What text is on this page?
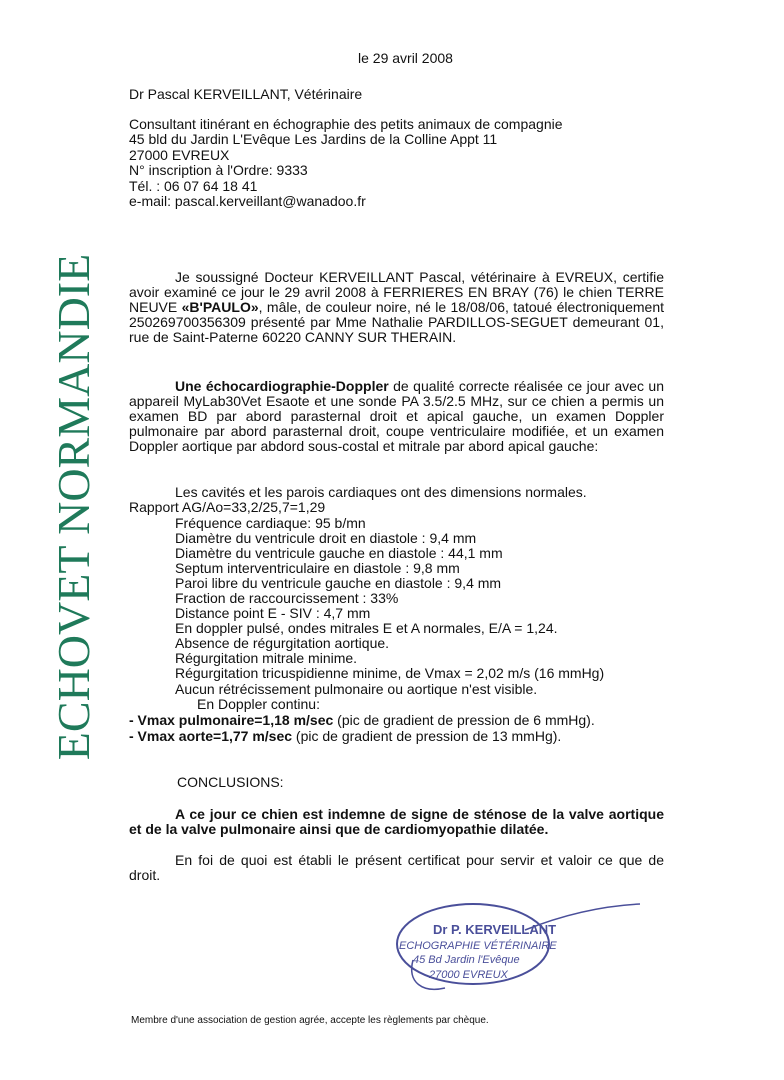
le 29 avril 2008
Dr Pascal KERVEILLANT, Vétérinaire
Consultant itinérant en échographie des petits animaux de compagnie
45 bld du Jardin L'Evêque Les Jardins de la Colline Appt 11
27000 EVREUX
N° inscription à l'Ordre: 9333
Tél. : 06 07 64 18 41
e-mail: pascal.kerveillant@wanadoo.fr
ECHOVET NORMANDIE	Je soussigné Docteur KERVEILLANT Pascal, vétérinaire à EVREUX, certifie avoir examiné ce jour le 29 avril 2008 à FERRIERES EN BRAY (76) le chien TERRE NEUVE «B'PAULO», mâle, de couleur noire, né le 18/08/06, tatoué électroniquement 250269700356309 présenté par Mme Nathalie PARDILLOS-SEGUET demeurant 01, rue de Saint-Paterne 60220 CANNY SUR THERAIN.
Une échocardiographie-Doppler de qualité correcte réalisée ce jour avec un appareil MyLab30Vet Esaote et une sonde PA 3.5/2.5 MHz, sur ce chien a permis un examen BD par abord parasternal droit et apical gauche, un examen Doppler pulmonaire par abord parasternal droit, coupe ventriculaire modifiée, et un examen Doppler aortique par abdord sous-costal et mitrale par abord apical gauche:
Les cavités et les parois cardiaques ont des dimensions normales.
Rapport AG/Ao=33,2/25,7=1,29
Fréquence cardiaque: 95 b/mn
Diamètre du ventricule droit en diastole : 9,4 mm
Diamètre du ventricule gauche en diastole : 44,1 mm
Septum interventriculaire en diastole : 9,8 mm
Paroi libre du ventricule gauche en diastole : 9,4 mm
Fraction de raccourcissement : 33%
Distance point E - SIV : 4,7 mm
En doppler pulsé, ondes mitrales E et A normales, E/A = 1,24.
Absence de régurgitation aortique.
Régurgitation mitrale minime.
Régurgitation tricuspidienne minime, de Vmax = 2,02 m/s (16 mmHg)
Aucun rétrécissement pulmonaire ou aortique n'est visible.
En Doppler continu:
- Vmax pulmonaire=1,18 m/sec (pic de gradient de pression de 6 mmHg).
- Vmax aorte=1,77 m/sec (pic de gradient de pression de 13 mmHg).
CONCLUSIONS:
A ce jour ce chien est indemne de signe de sténose de la valve aortique et de la valve pulmonaire ainsi que de cardiomyopathie dilatée.
En foi de quoi est établi le présent certificat pour servir et valoir ce que de droit.
Dr P. KERVEILLANT
ECHOGRAPHIE VÉTÉRINAIRE
45 Bd Jardin l'Evêque
27000 EVREUX
Membre d'une association de gestion agrée, accepte les règlements par chèque.
